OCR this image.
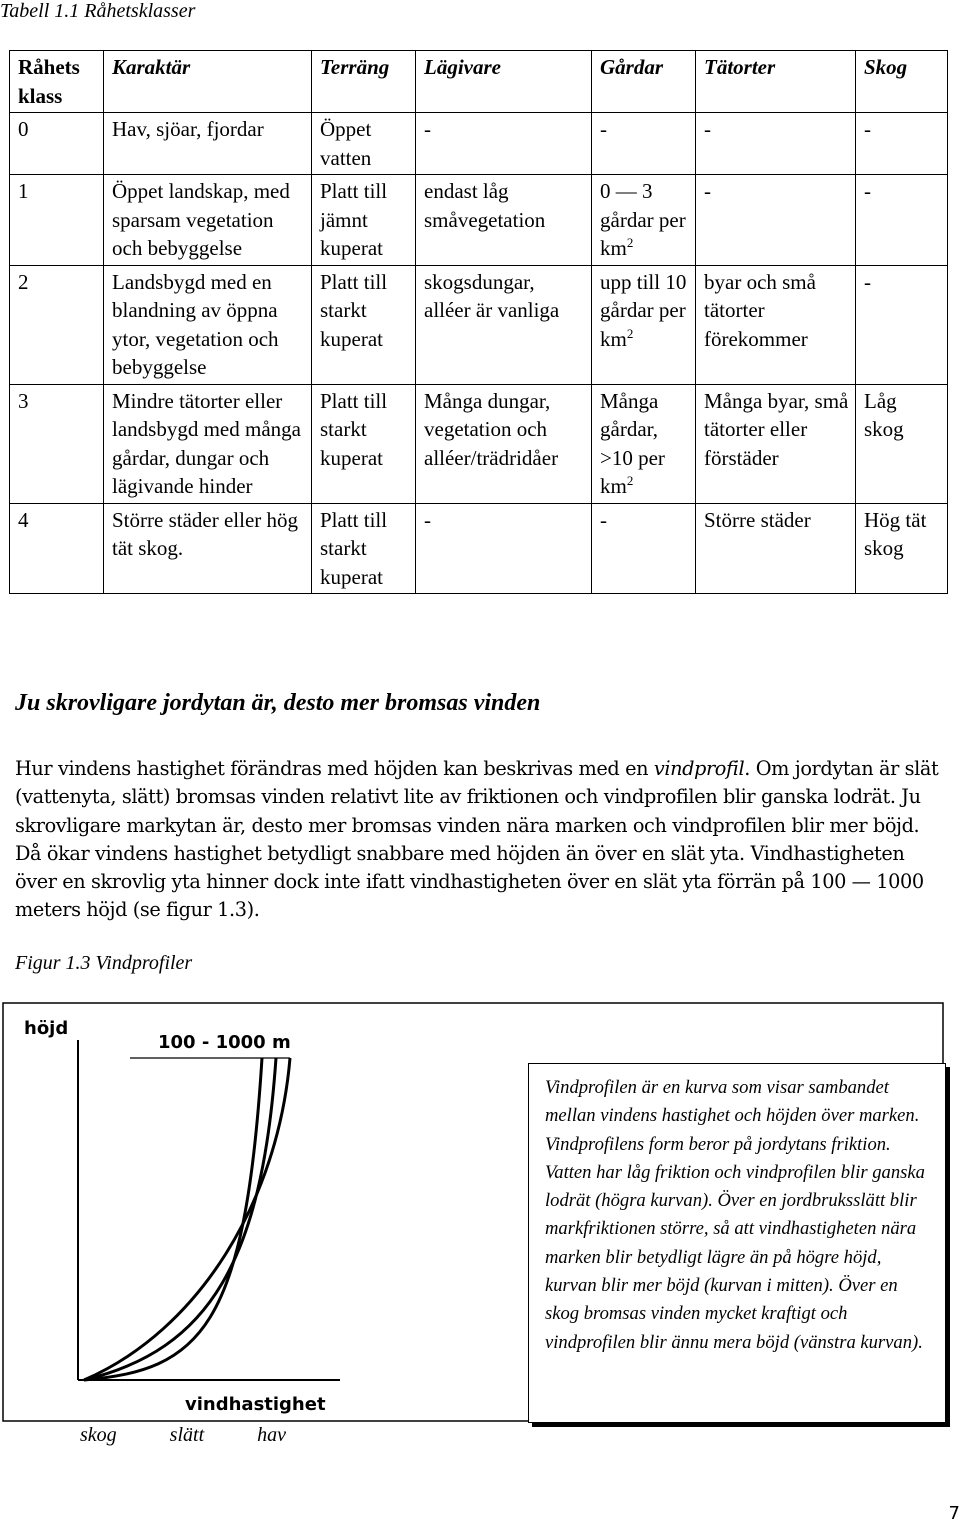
Tabell 1.1 Råhetsklasser
Råhets klass	Karaktär	Terräng	Lägivare	Gårdar	Tätorter	Skog
0	Hav, sjöar, fjordar	Öppet vatten	-	-	-	-
1	Öppet landskap, med sparsam vegetation och bebyggelse	Platt till jämnt kuperat	endast låg småvegetation	0 — 3 gårdar per $km^2$	-	-
2	Landsbygd med en blandning av öppna ytor, vegetation och bebyggelse	Platt till starkt kuperat	skogsdungar, alléer är vanliga	upp till 10 gårdar per $km^2$	byar och små tätorter förekommer	-
3	Mindre tätorter eller landsbygd med många gårdar, dungar och lägivande hinder	Platt till starkt kuperat	Många dungar, vegetation och alléer/trädridåer	Många gårdar, >10 per $km^2$	Många byar, små tätorter eller förstäder	Låg skog
4	Större städer eller hög tät skog.	Platt till starkt kuperat	-	-	Större städer	Hög tät skog
Ju skrovligare jordytan är, desto mer bromsas vinden
Hur vindens hastighet förändras med höjden kan beskrivas med en vindprofil. Om jordytan är slät (vattenyta, slätt) bromsas vinden relativt lite av friktionen och vindprofilen blir ganska lodrät. Ju skrovligare markytan är, desto mer bromsas vinden nära marken och vindprofilen blir mer böjd. Då ökar vindens hastighet betydligt snabbare med höjden än över en slät yta. Vindhastigheten över en skrovlig yta hinner dock inte ifatt vindhastigheten över en slät yta förrän på 100 — 1000 meters höjd (se figur 1.3).
Figur 1.3 Vindprofiler
höjd
100 - 1000 m
vindhastighet
Vindprofilen är en kurva som visar sambandet mellan vindens hastighet och höjden över marken. Vindprofilens form beror på jordytans friktion. Vatten har låg friktion och vindprofilen blir ganska lodrät (högra kurvan). Över en jordbruksslätt blir markfriktionen större, så att vindhastigheten nära marken blir betydligt lägre än på högre höjd, kurvan blir mer böjd (kurvan i mitten). Över en skog bromsas vinden mycket kraftigt och vindprofilen blir ännu mera böjd (vänstra kurvan).
skog	slätt	hav
7
